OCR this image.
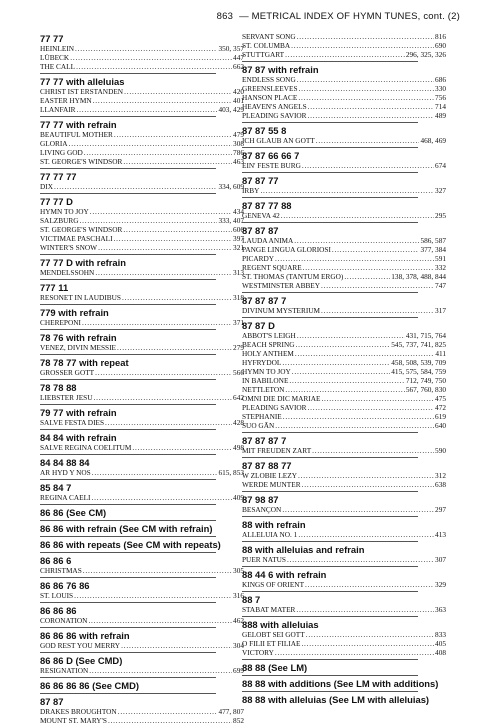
863 — METRICAL INDEX OF HYMN TUNES, cont. (2)
77 77
HEINLEIN .....	350, 357
LÜBECK .....	447
THE CALL .....	662
77 77 with alleluias
CHRIST IST ERSTANDEN .....	420
EASTER HYMN .....	401
LLANFAIR .....	403, 429
77 77 with refrain
BEAUTIFUL MOTHER .....	479
GLORIA .....	308
LIVING GOD .....	786
ST. GEORGE'S WINDSOR .....	463
77 77 77
DIX .....	334, 609
77 77 D
HYMN TO JOY .....	434
SALZBURG .....	333, 407
ST. GEORGE'S WINDSOR .....	606
VICTIMAE PASCHALI .....	397
WINTER'S SNOW .....	321
77 77 D with refrain
MENDELSSOHN .....	313
777 11
RESONET IN LAUDIBUS .....	318
779 with refrain
CHEREPONI .....	371
78 76 with refrain
VENEZ, DIVIN MESSIE .....	279
78 78 77 with repeat
GROSSER GOTT .....	566
78 78 88
LIEBSTER JESU .....	642
79 77 with refrain
SALVE FESTA DIES .....	428
84 84 with refrain
SALVE REGINA COELITUM .....	498
84 84 88 84
AR HYD Y NOS .....	615, 853
85 84 7
REGINA CAELI .....	409
86 86 (See CM)
86 86 with refrain (See CM with refrain)
86 86 with repeats (See CM with repeats)
86 86 6
CHRISTMAS .....	305
86 86 76 86
ST. LOUIS .....	316
86 86 86
CORONATION .....	462
86 86 86 with refrain
GOD REST YOU MERRY .....	304
86 86 D (See CMD)
RESIGNATION .....	699
86 86 86 86 (See CMD)
87 87
DRAKES BROUGHTON .....	477, 807
MOUNT ST. MARY'S .....	852
SERVANT SONG .....	816
ST. COLUMBA .....	690
STUTTGART .....	296, 325, 326
87 87 with refrain
ENDLESS SONG .....	686
GREENSLEEVES .....	330
HANSON PLACE .....	756
HEAVEN'S ANGELS .....	714
PLEADING SAVIOR .....	489
87 87 55 8
ICH GLAUB AN GOTT .....	468, 469
87 87 66 66 7
EIN' FESTE BURG .....	674
87 87 77
IRBY .....	327
87 87 77 88
GENEVA 42 .....	295
87 87 87
LAUDA ANIMA .....	586, 587
PANGE LINGUA GLORIOSI .....	377, 384
PICARDY .....	591
REGENT SQUARE .....	332
ST. THOMAS (TANTUM ERGO) .....	138, 378, 488, 844
WESTMINSTER ABBEY .....	747
87 87 87 7
DIVINUM MYSTERIUM .....	317
87 87 D
ABBOT'S LEIGH .....	431, 715, 764
BEACH SPRING .....	545, 737, 741, 825
HOLY ANTHEM .....	411
HYFRYDOL .....	458, 508, 539, 709
HYMN TO JOY .....	415, 575, 584, 759
IN BABILONE .....	712, 749, 750
NETTLETON .....	567, 760, 830
OMNI DIE DIC MARIAE .....	475
PLEADING SAVIOR .....	472
STEPHANIE .....	619
SUO GĀN .....	640
87 87 87 7
MIT FREUDEN ZART .....	590
87 87 88 77
W ZLOBIE LEZY .....	312
WERDE MUNTER .....	638
87 98 87
BESANÇON .....	297
88 with refrain
ALLELUIA NO. 1 .....	413
88 with alleluias and refrain
PUER NATUS .....	307
88 44 6 with refrain
KINGS OF ORIENT .....	329
88 7
STABAT MATER .....	363
888 with alleluias
GELOBT SEI GOTT .....	833
O FILII ET FILIAE .....	405
VICTORY .....	408
88 88 (See LM)
88 88 with additions (See LM with additions)
88 88 with alleluias (See LM with alleluias)
